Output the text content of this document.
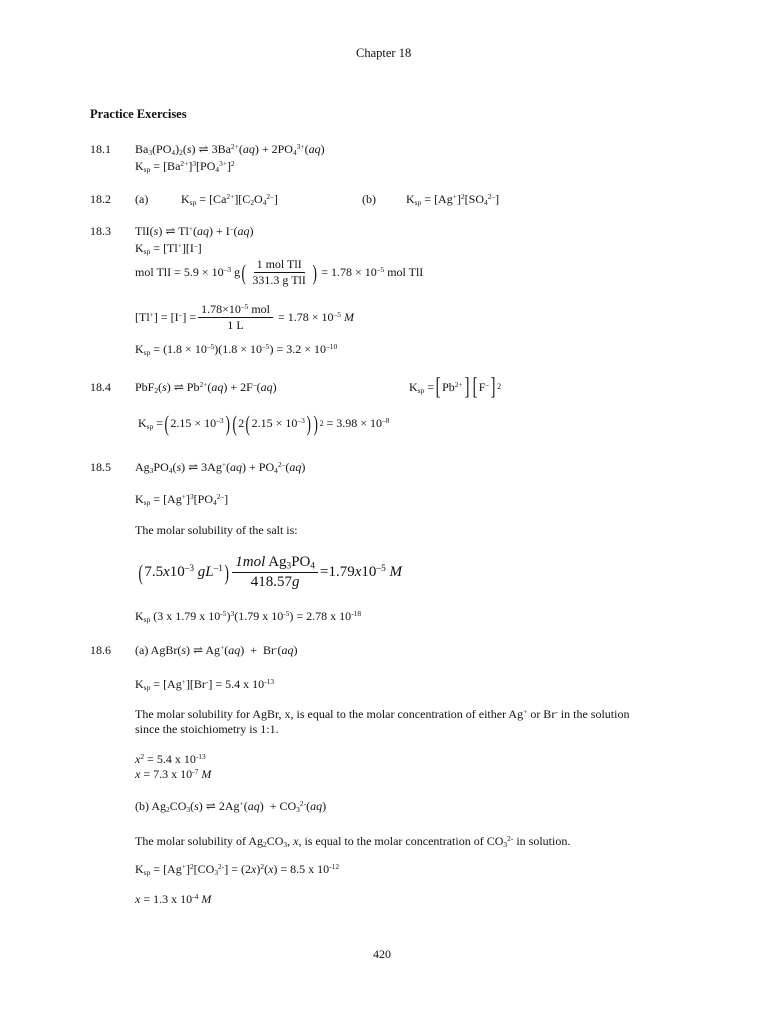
Chapter 18
Practice Exercises
18.1 $Ba_3(PO_4)_2(s)$ ⇌ $3Ba^{2+}(aq) + 2PO_4^{3+}(aq)$
$K_{sp} = [Ba^{2+}]^3[PO_4^{3+}]^2$
18.2 (a)	$K_{sp} = [Ca^{2+}][C_2O_4^{2-}]$	(b)	$K_{sp} = [Ag^+]^2[SO_4^{2-}]$
18.3 TlI(s) ⇌ Tl+(aq) + I–(aq)
$K_{sp} = [Tl^+][I^-]$
mol TlI = $5.9 \times 10^{-3}$ g ( $\frac{\text{1 mol TlI}}{\text{331.3 g TlI}}$ ) = $1.78 \times 10^{-5}$ mol TlI
$[Tl^+] = [I^-] = \frac{1.78\times 10^{-5} mol}{1 L} = 1.78 \times 10^{-5}$ M
$K_{sp} = (1.8 \times 10^{-5})(1.8 \times 10^{-5}) = 3.2 \times 10^{-10}$
18.4 PbF$_2$(s) ⇌ $Pb^{2+}(aq) + 2F^-(aq)$	$K_{sp}$ = [ $Pb^{2+}$ ] [ F– ] 2
$K_{sp}$ = ( $2.15 \times 10^{-3}$ ) ( 2 ( $2.15 \times 10^{-3}$ ) ) $2 = 3.98 \times 10^{-8}$
18.5 $Ag_3PO_4(s)$ ⇌ $3Ag^+(aq) + PO_4^{2-}(aq)$
$K_{sp} = [Ag^+]^3[PO_4^{2-}]$
The molar solubility of the salt is:
( $7.5x10^{-3}$ $gL^{-1}$ ) $\frac{1mol Ag_3PO_4}{418.57g} =1.79x10^{-5}$ M
$K_{sp}$ (3 x 1.79 x $10^{-5})^3(1.79$ x $10^{-5}) = 2.78$ x $10^{-18}$
18.6 (a) AgBr(s) ⇌ Ag+(aq)  +  Br-(aq)
$K_{sp} = [Ag^+][Br^-] = 5.4$ x $10^{-13}$
The molar solubility for AgBr, x, is equal to the molar concentration of either Ag+ or Br- in the solution
since the stoichiometry is 1:1.
$x^2 = 5.4$ x $10^{-13}$
x = 7.3 x $10^{-7}$ M
(b) $Ag_2CO_3(s)$ ⇌ $2Ag^+(aq) + CO_3^{2-}(aq)$
The molar solubility of $Ag_2CO_3$, x, is equal to the molar concentration of $CO_3^{2-}$ in solution.
$K_{sp} = [Ag^+]^2[CO_3^{2-}] = (2x)^2(x) = 8.5$ x $10^{-12}$
x = 1.3 x $10^{-4}$ M
420
